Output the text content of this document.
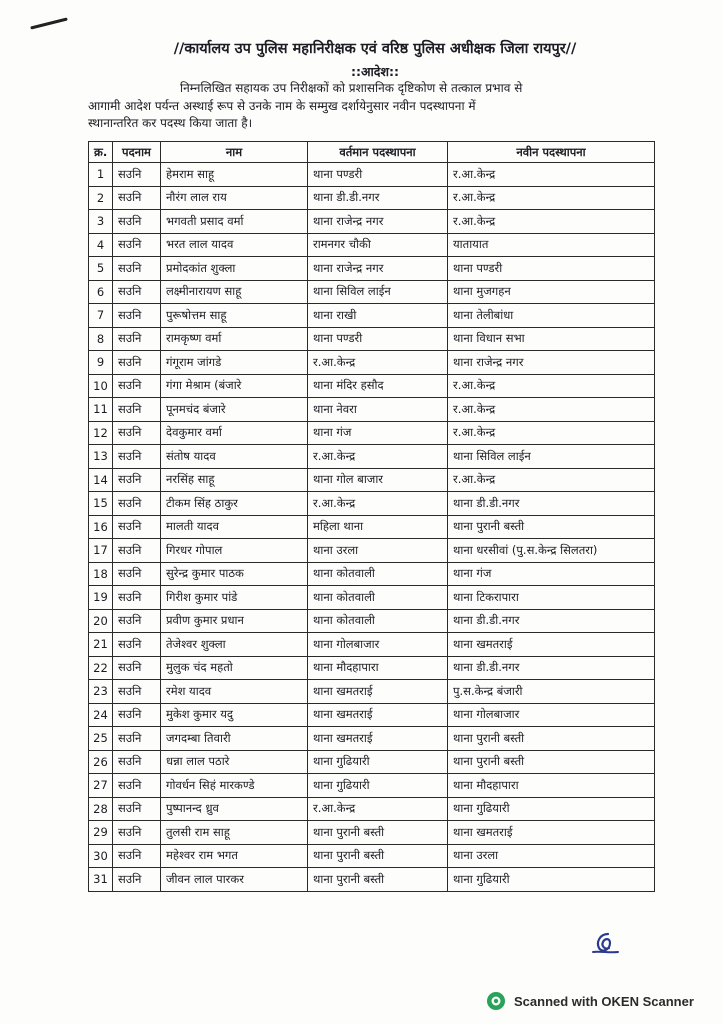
//कार्यालय उप पुलिस महानिरीक्षक एवं वरिष्ठ पुलिस अधीक्षक जिला रायपुर//
::आदेश::
निम्नलिखित सहायक उप निरीक्षकों को प्रशासनिक दृष्टिकोण से तत्काल प्रभाव से
आगामी आदेश पर्यन्त अस्थाई रूप से उनके नाम के सम्मुख दर्शायेनुसार नवीन पदस्थापना में
स्थानान्तरित कर पदस्थ किया जाता है।
क्र.	पदनाम	नाम	वर्तमान पदस्थापना	नवीन पदस्थापना
1	सउनि	हेमराम साहू	थाना पण्डरी	र.आ.केन्द्र
2	सउनि	नौरंग लाल राय	थाना डी.डी.नगर	र.आ.केन्द्र
3	सउनि	भगवती प्रसाद वर्मा	थाना राजेन्द्र नगर	र.आ.केन्द्र
4	सउनि	भरत लाल यादव	रामनगर चौकी	यातायात
5	सउनि	प्रमोदकांत शुक्ला	थाना राजेन्द्र नगर	थाना पण्डरी
6	सउनि	लक्ष्मीनारायण साहू	थाना सिविल लाईन	थाना मुजगहन
7	सउनि	पुरूषोत्तम साहू	थाना राखी	थाना तेलीबांधा
8	सउनि	रामकृष्ण वर्मा	थाना पण्डरी	थाना विधान सभा
9	सउनि	गंगूराम जांगडे	र.आ.केन्द्र	थाना राजेन्द्र नगर
10	सउनि	गंगा मेश्राम (बंजारे	थाना मंदिर हसौद	र.आ.केन्द्र
11	सउनि	पूनमचंद बंजारे	थाना नेवरा	र.आ.केन्द्र
12	सउनि	देवकुमार वर्मा	थाना गंज	र.आ.केन्द्र
13	सउनि	संतोष यादव	र.आ.केन्द्र	थाना सिविल लाईन
14	सउनि	नरसिंह साहू	थाना गोल बाजार	र.आ.केन्द्र
15	सउनि	टीकम सिंह ठाकुर	र.आ.केन्द्र	थाना डी.डी.नगर
16	सउनि	मालती यादव	महिला थाना	थाना पुरानी बस्ती
17	सउनि	गिरधर गोपाल	थाना उरला	थाना धरसीवां (पु.स.केन्द्र सिलतरा)
18	सउनि	सुरेन्द्र कुमार पाठक	थाना कोतवाली	थाना गंज
19	सउनि	गिरीश कुमार पांडे	थाना कोतवाली	थाना टिकरापारा
20	सउनि	प्रवीण कुमार प्रधान	थाना कोतवाली	थाना डी.डी.नगर
21	सउनि	तेजेश्वर शुक्ला	थाना गोलबाजार	थाना खमतराई
22	सउनि	मुलुक चंद महतो	थाना मौदहापारा	थाना डी.डी.नगर
23	सउनि	रमेश यादव	थाना खमतराई	पु.स.केन्द्र बंजारी
24	सउनि	मुकेश कुमार यदु	थाना खमतराई	थाना गोलबाजार
25	सउनि	जगदम्बा तिवारी	थाना खमतराई	थाना पुरानी बस्ती
26	सउनि	धन्ना लाल पठारे	थाना गुढियारी	थाना पुरानी बस्ती
27	सउनि	गोवर्धन सिहं मारकण्डे	थाना गुढियारी	थाना मौदहापारा
28	सउनि	पुष्पानन्द ध्रुव	र.आ.केन्द्र	थाना गुढियारी
29	सउनि	तुलसी राम साहू	थाना पुरानी बस्ती	थाना खमतराई
30	सउनि	महेश्वर राम भगत	थाना पुरानी बस्ती	थाना उरला
31	सउनि	जीवन लाल पारकर	थाना पुरानी बस्ती	थाना गुढियारी
Scanned with OKEN Scanner
